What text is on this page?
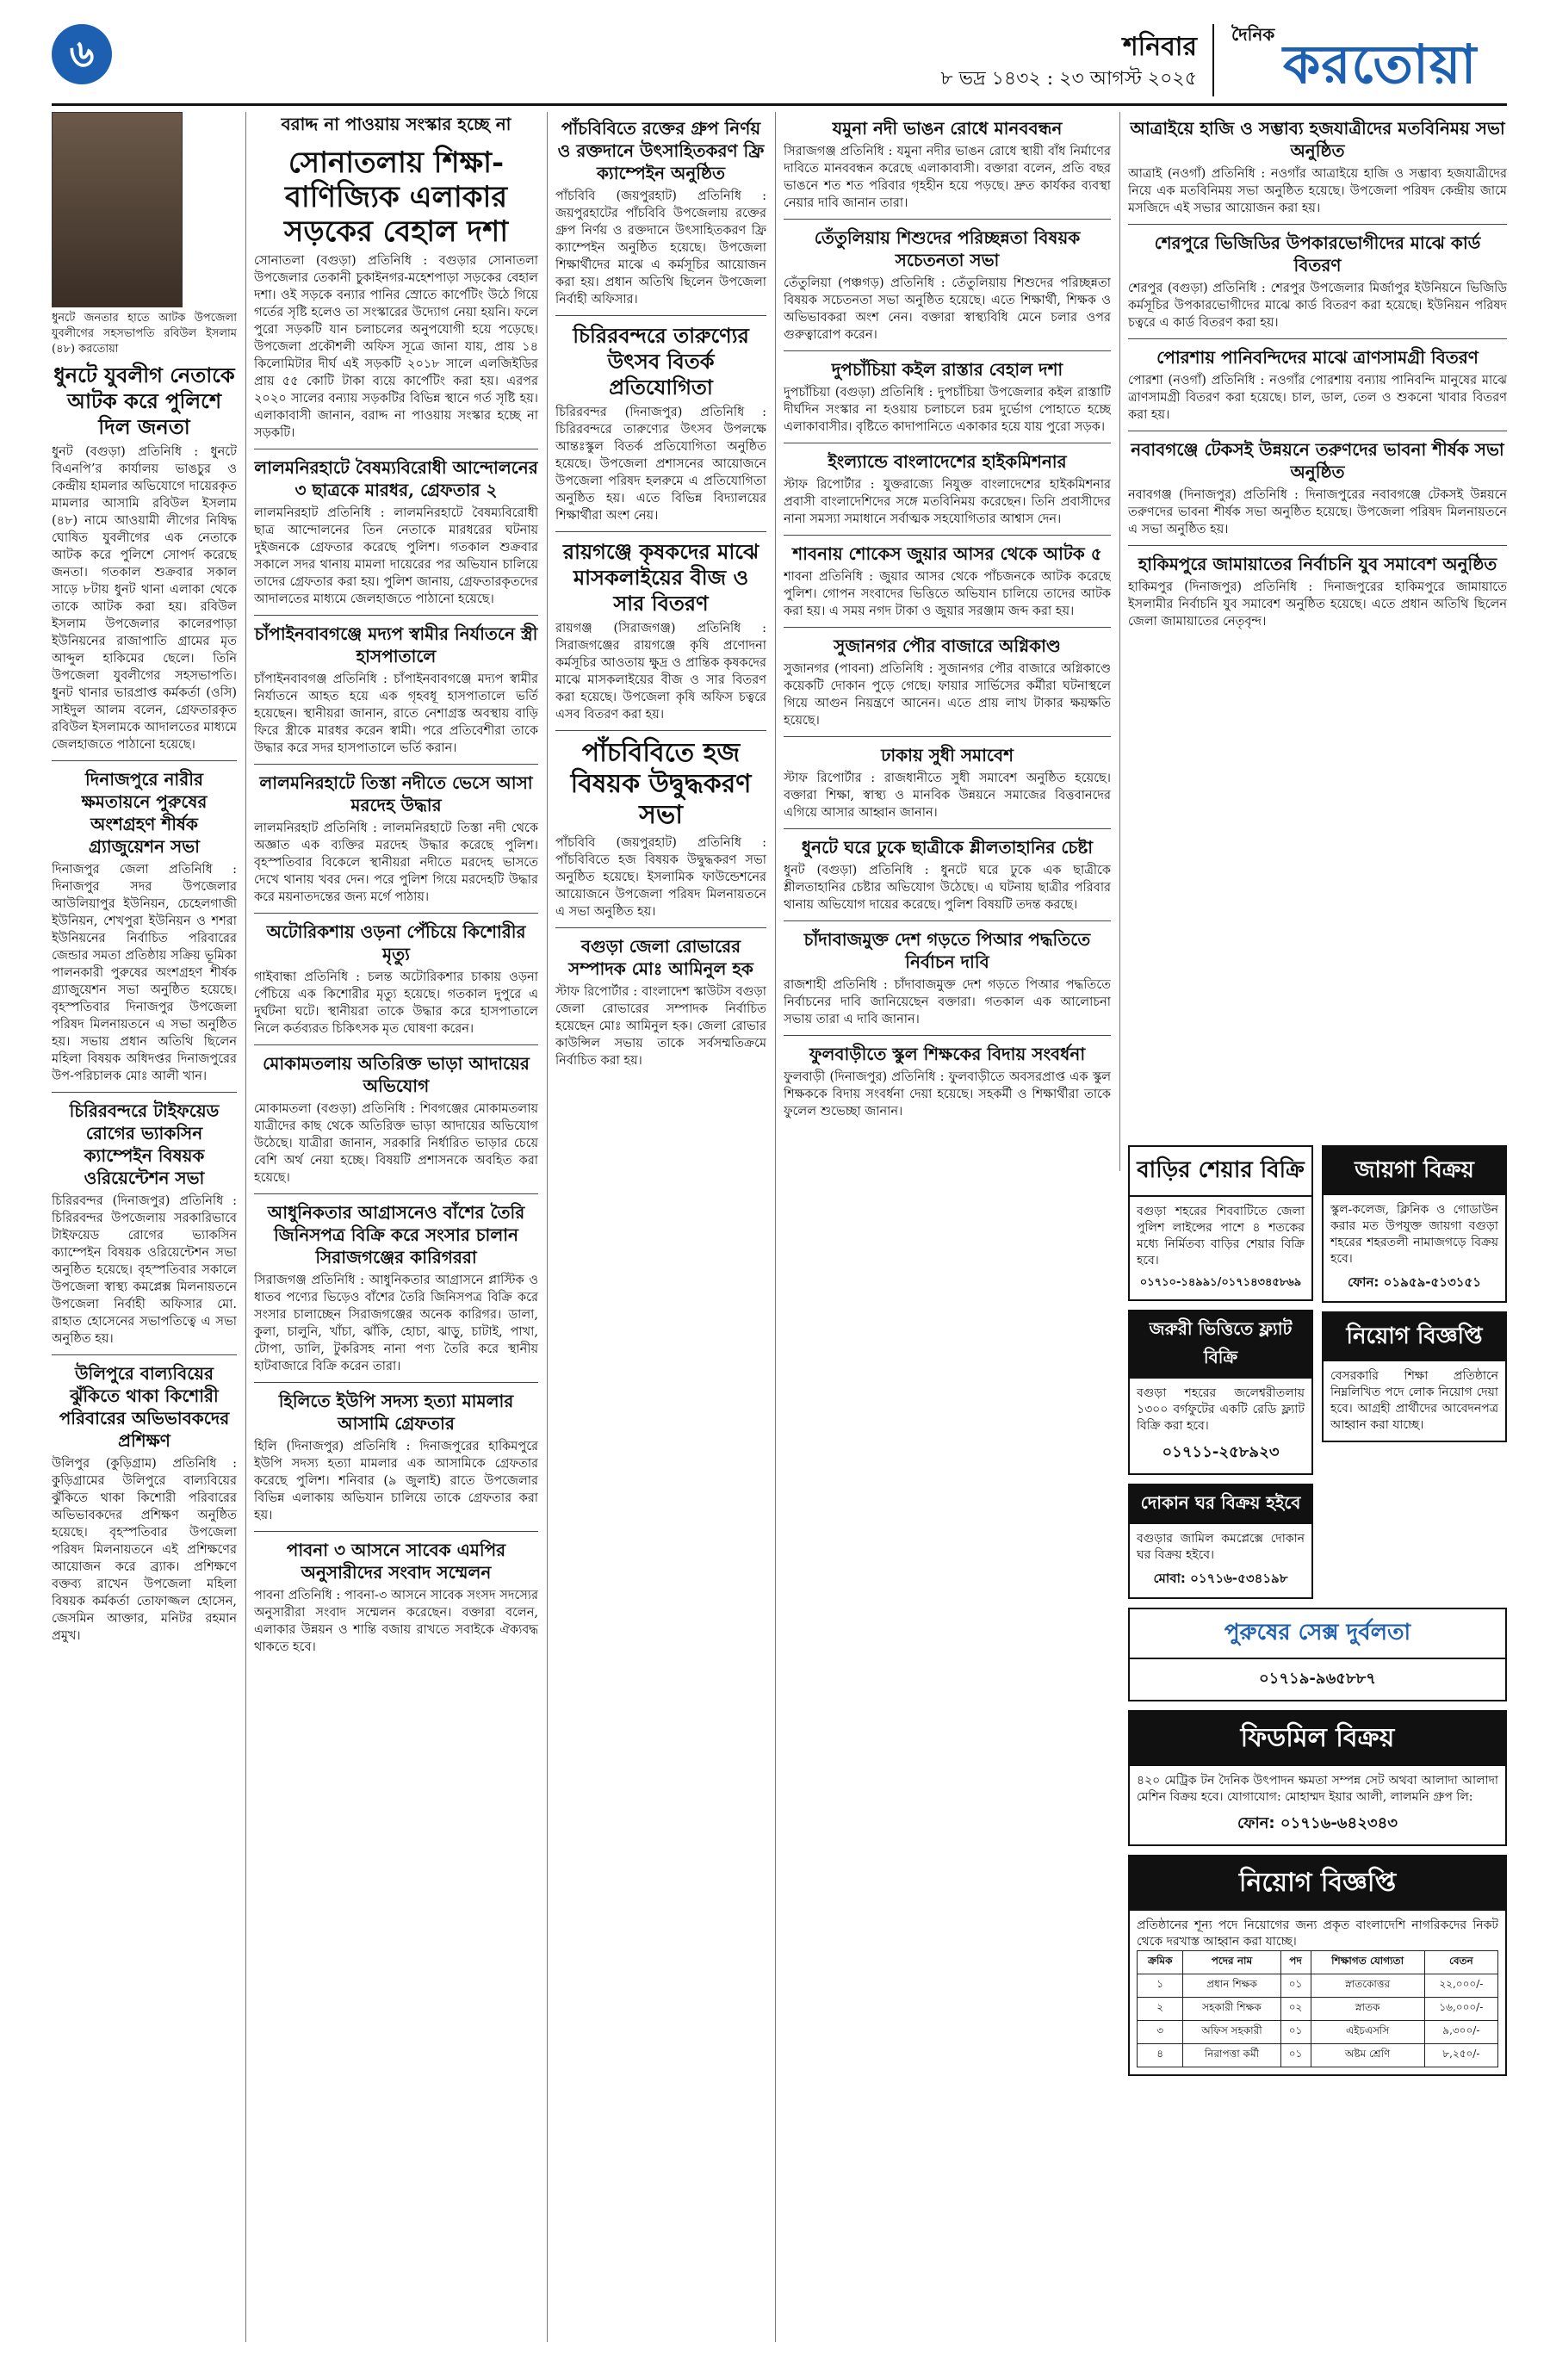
৬	শনিবার
৮ ভদ্র ১৪৩২ : ২৩ আগস্ট ২০২৫
দৈনিক করতোয়া

ধুনটে জনতার হাতে আটক উপজেলা যুবলীগের সহসভাপতি রবিউল ইসলাম (৪৮) করতোয়া

ধুনটে যুবলীগ নেতাকে আটক করে পুলিশে দিল জনতা

ধুনট (বগুড়া) প্রতিনিধি : ধুনটে বিএনপি’র কার্যালয় ভাঙচুর ও কেন্দ্রীয় হামলার অভিযোগে দায়েরকৃত মামলার আসামি রবিউল ইসলাম (৪৮) নামে আওয়ামী লীগের নিষিদ্ধ ঘোষিত যুবলীগের এক নেতাকে আটক করে পুলিশে সোপর্দ করেছে জনতা। গতকাল শুক্রবার সকাল সাড়ে ৮টায় ধুনট থানা এলাকা থেকে তাকে আটক করা হয়। রবিউল ইসলাম উপজেলার কালেরপাড়া ইউনিয়নের রাজাপাতি গ্রামের মৃত আব্দুল হাকিমের ছেলে। তিনি উপজেলা যুবলীগের সহসভাপতি। ধুনট থানার ভারপ্রাপ্ত কর্মকর্তা (ওসি) সাইদুল আলম বলেন, গ্রেফতারকৃত রবিউল ইসলামকে আদালতের মাধ্যমে জেলহাজতে পাঠানো হয়েছে।

দিনাজপুরে নারীর ক্ষমতায়নে পুরুষের অংশগ্রহণ শীর্ষক গ্র্যাজুয়েশন সভা

দিনাজপুর জেলা প্রতিনিধি : দিনাজপুর সদর উপজেলার আউলিয়াপুর ইউনিয়ন, চেহেলগাজী ইউনিয়ন, শেখপুরা ইউনিয়ন ও শশরা ইউনিয়নের নির্বাচিত পরিবারের জেন্ডার সমতা প্রতিষ্ঠায় সক্রিয় ভূমিকা পালনকারী পুরুষের অংশগ্রহণ শীর্ষক গ্র্যাজুয়েশন সভা অনুষ্ঠিত হয়েছে। বৃহস্পতিবার দিনাজপুর উপজেলা পরিষদ মিলনায়তনে এ সভা অনুষ্ঠিত হয়। সভায় প্রধান অতিথি ছিলেন মহিলা বিষয়ক অধিদপ্তর দিনাজপুরের উপ-পরিচালক মোঃ আলী খান।

চিরিরবন্দরে টাইফয়েড রোগের ভ্যাকসিন ক্যাম্পেইন বিষয়ক ওরিয়েন্টেশন সভা

চিরিরবন্দর (দিনাজপুর) প্রতিনিধি : চিরিরবন্দর উপজেলায় সরকারিভাবে টাইফয়েড রোগের ভ্যাকসিন ক্যাম্পেইন বিষয়ক ওরিয়েন্টেশন সভা অনুষ্ঠিত হয়েছে। বৃহস্পতিবার সকালে উপজেলা স্বাস্থ্য কমপ্লেক্স মিলনায়তনে উপজেলা নির্বাহী অফিসার মো. রাহাত হোসেনের সভাপতিত্বে এ সভা অনুষ্ঠিত হয়।

উলিপুরে বাল্যবিয়ের ঝুঁকিতে থাকা কিশোরী পরিবারের অভিভাবকদের প্রশিক্ষণ

উলিপুর (কুড়িগ্রাম) প্রতিনিধি : কুড়িগ্রামের উলিপুরে বাল্যবিয়ের ঝুঁকিতে থাকা কিশোরী পরিবারের অভিভাবকদের প্রশিক্ষণ অনুষ্ঠিত হয়েছে। বৃহস্পতিবার উপজেলা পরিষদ মিলনায়তনে এই প্রশিক্ষণের আয়োজন করে ব্র্যাক। প্রশিক্ষণে বক্তব্য রাখেন উপজেলা মহিলা বিষয়ক কর্মকর্তা তোফাজ্জল হোসেন, জেসমিন আক্তার, মনিটর রহমান প্রমুখ।

বরাদ্দ না পাওয়ায় সংস্কার হচ্ছে না
সোনাতলায় শিক্ষা-বাণিজ্যিক এলাকার সড়কের বেহাল দশা

সোনাতলা (বগুড়া) প্রতিনিধি : বগুড়ার সোনাতলা উপজেলার তেকানী চুকাইনগর-মহেশপাড়া সড়কের বেহাল দশা। ওই সড়কে বন্যার পানির স্রোতে কার্পেটিং উঠে গিয়ে গর্তের সৃষ্টি হলেও তা সংস্কারের উদ্যোগ নেয়া হয়নি। ফলে পুরো সড়কটি যান চলাচলের অনুপযোগী হয়ে পড়েছে। উপজেলা প্রকৌশলী অফিস সূত্রে জানা যায়, প্রায় ১৪ কিলোমিটার দীর্ঘ এই সড়কটি ২০১৮ সালে এলজিইডির প্রায় ৫৫ কোটি টাকা ব্যয়ে কার্পেটিং করা হয়। এরপর ২০২০ সালের বন্যায় সড়কটির বিভিন্ন স্থানে গর্ত সৃষ্টি হয়। এলাকাবাসী জানান, বরাদ্দ না পাওয়ায় সংস্কার হচ্ছে না সড়কটি।

লালমনিরহাটে বৈষম্যবিরোধী আন্দোলনের ৩ ছাত্রকে মারধর, গ্রেফতার ২

লালমনিরহাট প্রতিনিধি : লালমনিরহাটে বৈষম্যবিরোধী ছাত্র আন্দোলনের তিন নেতাকে মারধরের ঘটনায় দুইজনকে গ্রেফতার করেছে পুলিশ। গতকাল শুক্রবার সকালে সদর থানায় মামলা দায়েরের পর অভিযান চালিয়ে তাদের গ্রেফতার করা হয়। পুলিশ জানায়, গ্রেফতারকৃতদের আদালতের মাধ্যমে জেলহাজতে পাঠানো হয়েছে।

চাঁপাইনবাবগঞ্জে মদ্যপ স্বামীর নির্যাতনে স্ত্রী হাসপাতালে

চাঁপাইনবাবগঞ্জ প্রতিনিধি : চাঁপাইনবাবগঞ্জে মদ্যপ স্বামীর নির্যাতনে আহত হয়ে এক গৃহবধূ হাসপাতালে ভর্তি হয়েছেন। স্থানীয়রা জানান, রাতে নেশাগ্রস্ত অবস্থায় বাড়ি ফিরে স্ত্রীকে মারধর করেন স্বামী। পরে প্রতিবেশীরা তাকে উদ্ধার করে সদর হাসপাতালে ভর্তি করান।

লালমনিরহাটে তিস্তা নদীতে ভেসে আসা মরদেহ উদ্ধার

লালমনিরহাট প্রতিনিধি : লালমনিরহাটে তিস্তা নদী থেকে অজ্ঞাত এক ব্যক্তির মরদেহ উদ্ধার করেছে পুলিশ। বৃহস্পতিবার বিকেলে স্থানীয়রা নদীতে মরদেহ ভাসতে দেখে থানায় খবর দেন। পরে পুলিশ গিয়ে মরদেহটি উদ্ধার করে ময়নাতদন্তের জন্য মর্গে পাঠায়।

অটোরিকশায় ওড়না পেঁচিয়ে কিশোরীর মৃত্যু

গাইবান্ধা প্রতিনিধি : চলন্ত অটোরিকশার চাকায় ওড়না পেঁচিয়ে এক কিশোরীর মৃত্যু হয়েছে। গতকাল দুপুরে এ দুর্ঘটনা ঘটে। স্থানীয়রা তাকে উদ্ধার করে হাসপাতালে নিলে কর্তব্যরত চিকিৎসক মৃত ঘোষণা করেন।

মোকামতলায় অতিরিক্ত ভাড়া আদায়ের অভিযোগ

মোকামতলা (বগুড়া) প্রতিনিধি : শিবগঞ্জের মোকামতলায় যাত্রীদের কাছ থেকে অতিরিক্ত ভাড়া আদায়ের অভিযোগ উঠেছে। যাত্রীরা জানান, সরকারি নির্ধারিত ভাড়ার চেয়ে বেশি অর্থ নেয়া হচ্ছে। বিষয়টি প্রশাসনকে অবহিত করা হয়েছে।

আধুনিকতার আগ্রাসনেও বাঁশের তৈরি জিনিসপত্র বিক্রি করে সংসার চালান সিরাজগঞ্জের কারিগররা

সিরাজগঞ্জ প্রতিনিধি : আধুনিকতার আগ্রাসনে প্লাস্টিক ও ধাতব পণ্যের ভিড়েও বাঁশের তৈরি জিনিসপত্র বিক্রি করে সংসার চালাচ্ছেন সিরাজগঞ্জের অনেক কারিগর। ডালা, কুলা, চালুনি, খাঁচা, ঝাঁকি, হোচা, ঝাড়ু, চাটাই, পাখা, টোপা, ডালি, টুকরিসহ নানা পণ্য তৈরি করে স্থানীয় হাটবাজারে বিক্রি করেন তারা।

হিলিতে ইউপি সদস্য হত্যা মামলার আসামি গ্রেফতার

হিলি (দিনাজপুর) প্রতিনিধি : দিনাজপুরের হাকিমপুরে ইউপি সদস্য হত্যা মামলার এক আসামিকে গ্রেফতার করেছে পুলিশ। শনিবার (৯ জুলাই) রাতে উপজেলার বিভিন্ন এলাকায় অভিযান চালিয়ে তাকে গ্রেফতার করা হয়।

পাবনা ৩ আসনে সাবেক এমপির অনুসারীদের সংবাদ সম্মেলন

পাবনা প্রতিনিধি : পাবনা-৩ আসনে সাবেক সংসদ সদস্যের অনুসারীরা সংবাদ সম্মেলন করেছেন। বক্তারা বলেন, এলাকার উন্নয়ন ও শান্তি বজায় রাখতে সবাইকে ঐক্যবদ্ধ থাকতে হবে।

পাঁচবিবিতে রক্তের গ্রুপ নির্ণয় ও রক্তদানে উৎসাহিতকরণ ফ্রি ক্যাম্পেইন অনুষ্ঠিত

পাঁচবিবি (জয়পুরহাট) প্রতিনিধি : জয়পুরহাটের পাঁচবিবি উপজেলায় রক্তের গ্রুপ নির্ণয় ও রক্তদানে উৎসাহিতকরণ ফ্রি ক্যাম্পেইন অনুষ্ঠিত হয়েছে। উপজেলা শিক্ষার্থীদের মাঝে এ কর্মসূচির আয়োজন করা হয়। প্রধান অতিথি ছিলেন উপজেলা নির্বাহী অফিসার।

চিরিরবন্দরে তারুণ্যের উৎসব বিতর্ক প্রতিযোগিতা

চিরিরবন্দর (দিনাজপুর) প্রতিনিধি : চিরিরবন্দরে তারুণ্যের উৎসব উপলক্ষে আন্তঃস্কুল বিতর্ক প্রতিযোগিতা অনুষ্ঠিত হয়েছে। উপজেলা প্রশাসনের আয়োজনে উপজেলা পরিষদ হলরুমে এ প্রতিযোগিতা অনুষ্ঠিত হয়। এতে বিভিন্ন বিদ্যালয়ের শিক্ষার্থীরা অংশ নেয়।

রায়গঞ্জে কৃষকদের মাঝে মাসকলাইয়ের বীজ ও সার বিতরণ

রায়গঞ্জ (সিরাজগঞ্জ) প্রতিনিধি : সিরাজগঞ্জের রায়গঞ্জে কৃষি প্রণোদনা কর্মসূচির আওতায় ক্ষুদ্র ও প্রান্তিক কৃষকদের মাঝে মাসকলাইয়ের বীজ ও সার বিতরণ করা হয়েছে। উপজেলা কৃষি অফিস চত্বরে এসব বিতরণ করা হয়।

পাঁচবিবিতে হজ বিষয়ক উদ্বুদ্ধকরণ সভা

পাঁচবিবি (জয়পুরহাট) প্রতিনিধি : পাঁচবিবিতে হজ বিষয়ক উদ্বুদ্ধকরণ সভা অনুষ্ঠিত হয়েছে। ইসলামিক ফাউন্ডেশনের আয়োজনে উপজেলা পরিষদ মিলনায়তনে এ সভা অনুষ্ঠিত হয়।

বগুড়া জেলা রোভারের সম্পাদক মোঃ আমিনুল হক

স্টাফ রিপোর্টার : বাংলাদেশ স্কাউটস বগুড়া জেলা রোভারের সম্পাদক নির্বাচিত হয়েছেন মোঃ আমিনুল হক। জেলা রোভার কাউন্সিল সভায় তাকে সর্বসম্মতিক্রমে নির্বাচিত করা হয়।

যমুনা নদী ভাঙন রোধে মানববন্ধন

সিরাজগঞ্জ প্রতিনিধি : যমুনা নদীর ভাঙন রোধে স্থায়ী বাঁধ নির্মাণের দাবিতে মানববন্ধন করেছে এলাকাবাসী। বক্তারা বলেন, প্রতি বছর ভাঙনে শত শত পরিবার গৃহহীন হয়ে পড়ছে। দ্রুত কার্যকর ব্যবস্থা নেয়ার দাবি জানান তারা।

তেঁতুলিয়ায় শিশুদের পরিচ্ছন্নতা বিষয়ক সচেতনতা সভা

তেঁতুলিয়া (পঞ্চগড়) প্রতিনিধি : তেঁতুলিয়ায় শিশুদের পরিচ্ছন্নতা বিষয়ক সচেতনতা সভা অনুষ্ঠিত হয়েছে। এতে শিক্ষার্থী, শিক্ষক ও অভিভাবকরা অংশ নেন। বক্তারা স্বাস্থ্যবিধি মেনে চলার ওপর গুরুত্বারোপ করেন।

দুপচাঁচিয়া কইল রাস্তার বেহাল দশা

দুপচাঁচিয়া (বগুড়া) প্রতিনিধি : দুপচাঁচিয়া উপজেলার কইল রাস্তাটি দীর্ঘদিন সংস্কার না হওয়ায় চলাচলে চরম দুর্ভোগ পোহাতে হচ্ছে এলাকাবাসীর। বৃষ্টিতে কাদাপানিতে একাকার হয়ে যায় পুরো সড়ক।

ইংল্যান্ডে বাংলাদেশের হাইকমিশনার

স্টাফ রিপোর্টার : যুক্তরাজ্যে নিযুক্ত বাংলাদেশের হাইকমিশনার প্রবাসী বাংলাদেশিদের সঙ্গে মতবিনিময় করেছেন। তিনি প্রবাসীদের নানা সমস্যা সমাধানে সর্বাত্মক সহযোগিতার আশ্বাস দেন।

শাবনায় শোকেস জুয়ার আসর থেকে আটক ৫

শাবনা প্রতিনিধি : জুয়ার আসর থেকে পাঁচজনকে আটক করেছে পুলিশ। গোপন সংবাদের ভিত্তিতে অভিযান চালিয়ে তাদের আটক করা হয়। এ সময় নগদ টাকা ও জুয়ার সরঞ্জাম জব্দ করা হয়।

সুজানগর পৌর বাজারে অগ্নিকাণ্ড

সুজানগর (পাবনা) প্রতিনিধি : সুজানগর পৌর বাজারে অগ্নিকাণ্ডে কয়েকটি দোকান পুড়ে গেছে। ফায়ার সার্ভিসের কর্মীরা ঘটনাস্থলে গিয়ে আগুন নিয়ন্ত্রণে আনেন। এতে প্রায় লাখ টাকার ক্ষয়ক্ষতি হয়েছে।

ঢাকায় সুধী সমাবেশ

স্টাফ রিপোর্টার : রাজধানীতে সুধী সমাবেশ অনুষ্ঠিত হয়েছে। বক্তারা শিক্ষা, স্বাস্থ্য ও মানবিক উন্নয়নে সমাজের বিত্তবানদের এগিয়ে আসার আহ্বান জানান।

ধুনটে ঘরে ঢুকে ছাত্রীকে শ্লীলতাহানির চেষ্টা

ধুনট (বগুড়া) প্রতিনিধি : ধুনটে ঘরে ঢুকে এক ছাত্রীকে শ্লীলতাহানির চেষ্টার অভিযোগ উঠেছে। এ ঘটনায় ছাত্রীর পরিবার থানায় অভিযোগ দায়ের করেছে। পুলিশ বিষয়টি তদন্ত করছে।

চাঁদাবাজমুক্ত দেশ গড়তে পিআর পদ্ধতিতে নির্বাচন দাবি

রাজশাহী প্রতিনিধি : চাঁদাবাজমুক্ত দেশ গড়তে পিআর পদ্ধতিতে নির্বাচনের দাবি জানিয়েছেন বক্তারা। গতকাল এক আলোচনা সভায় তারা এ দাবি জানান।

ফুলবাড়ীতে স্কুল শিক্ষকের বিদায় সংবর্ধনা

ফুলবাড়ী (দিনাজপুর) প্রতিনিধি : ফুলবাড়ীতে অবসরপ্রাপ্ত এক স্কুল শিক্ষককে বিদায় সংবর্ধনা দেয়া হয়েছে। সহকর্মী ও শিক্ষার্থীরা তাকে ফুলেল শুভেচ্ছা জানান।

আত্রাইয়ে হাজি ও সম্ভাব্য হজযাত্রীদের মতবিনিময় সভা অনুষ্ঠিত

আত্রাই (নওগাঁ) প্রতিনিধি : নওগাঁর আত্রাইয়ে হাজি ও সম্ভাব্য হজযাত্রীদের নিয়ে এক মতবিনিময় সভা অনুষ্ঠিত হয়েছে। উপজেলা পরিষদ কেন্দ্রীয় জামে মসজিদে এই সভার আয়োজন করা হয়।

শেরপুরে ভিজিডির উপকারভোগীদের মাঝে কার্ড বিতরণ

শেরপুর (বগুড়া) প্রতিনিধি : শেরপুর উপজেলার মির্জাপুর ইউনিয়নে ভিজিডি কর্মসূচির উপকারভোগীদের মাঝে কার্ড বিতরণ করা হয়েছে। ইউনিয়ন পরিষদ চত্বরে এ কার্ড বিতরণ করা হয়।

পোরশায় পানিবন্দিদের মাঝে ত্রাণসামগ্রী বিতরণ

পোরশা (নওগাঁ) প্রতিনিধি : নওগাঁর পোরশায় বন্যায় পানিবন্দি মানুষের মাঝে ত্রাণসামগ্রী বিতরণ করা হয়েছে। চাল, ডাল, তেল ও শুকনো খাবার বিতরণ করা হয়।

নবাবগঞ্জে টেকসই উন্নয়নে তরুণদের ভাবনা শীর্ষক সভা অনুষ্ঠিত

নবাবগঞ্জ (দিনাজপুর) প্রতিনিধি : দিনাজপুরের নবাবগঞ্জে টেকসই উন্নয়নে তরুণদের ভাবনা শীর্ষক সভা অনুষ্ঠিত হয়েছে। উপজেলা পরিষদ মিলনায়তনে এ সভা অনুষ্ঠিত হয়।

হাকিমপুরে জামায়াতের নির্বাচনি যুব সমাবেশ অনুষ্ঠিত

হাকিমপুর (দিনাজপুর) প্রতিনিধি : দিনাজপুরের হাকিমপুরে জামায়াতে ইসলামীর নির্বাচনি যুব সমাবেশ অনুষ্ঠিত হয়েছে। এতে প্রধান অতিথি ছিলেন জেলা জামায়াতের নেতৃবৃন্দ।

বাড়ির শেয়ার বিক্রি
বগুড়া শহরের শিববাটিতে জেলা পুলিশ লাইন্সের পাশে ৪ শতকের মধ্যে নির্মিতব্য বাড়ির শেয়ার বিক্রি হবে।
০১৭১০-১৪৯৯১/০১৭১৪৩৪৫৮৬৯
জরুরী ভিত্তিতে ফ্ল্যাট বিক্রি
বগুড়া শহরের জলেশ্বরীতলায় ১৩০০ বর্গফুটের একটি রেডি ফ্ল্যাট বিক্রি করা হবে।
০১৭১১-২৫৮৯২৩
দোকান ঘর বিক্রয় হইবে
বগুড়ার জামিল কমপ্লেক্সে দোকান ঘর বিক্রয় হইবে।
মোবা: ০১৭১৬-৫৩৪১৯৮
জায়গা বিক্রয়
স্কুল-কলেজ, ক্লিনিক ও গোডাউন করার মত উপযুক্ত জায়গা বগুড়া শহরের শহরতলী নামাজগড়ে বিক্রয় হবে।
ফোন: ০১৯৫৯-৫১৩১৫১
নিয়োগ বিজ্ঞপ্তি
বেসরকারি শিক্ষা প্রতিষ্ঠানে নিম্নলিখিত পদে লোক নিয়োগ দেয়া হবে। আগ্রহী প্রার্থীদের আবেদনপত্র আহ্বান করা যাচ্ছে।
পুরুষের সেক্স দুর্বলতা
০১৭১৯-৯৬৫৮৮৭
ফিডমিল বিক্রয়
৪২০ মেট্রিক টন দৈনিক উৎপাদন ক্ষমতা সম্পন্ন সেট অথবা আলাদা আলাদা মেশিন বিক্রয় হবে। যোগাযোগ: মোহাম্মদ ইয়ার আলী, লালমনি গ্রুপ লি:
ফোন: ০১৭১৬-৬৪২৩৪৩
নিয়োগ বিজ্ঞপ্তি
প্রতিষ্ঠানের শূন্য পদে নিয়োগের জন্য প্রকৃত বাংলাদেশি নাগরিকদের নিকট থেকে দরখাস্ত আহ্বান করা যাচ্ছে।
ক্রমিক	পদের নাম	পদ	শিক্ষাগত যোগ্যতা	বেতন
১	প্রধান শিক্ষক	০১	স্নাতকোত্তর	২২,০০০/-
২	সহকারী শিক্ষক	০২	স্নাতক	১৬,০০০/-
৩	অফিস সহকারী	০১	এইচএসসি	৯,৩০০/-
৪	নিরাপত্তা কর্মী	০১	অষ্টম শ্রেণি	৮,২৫০/-
